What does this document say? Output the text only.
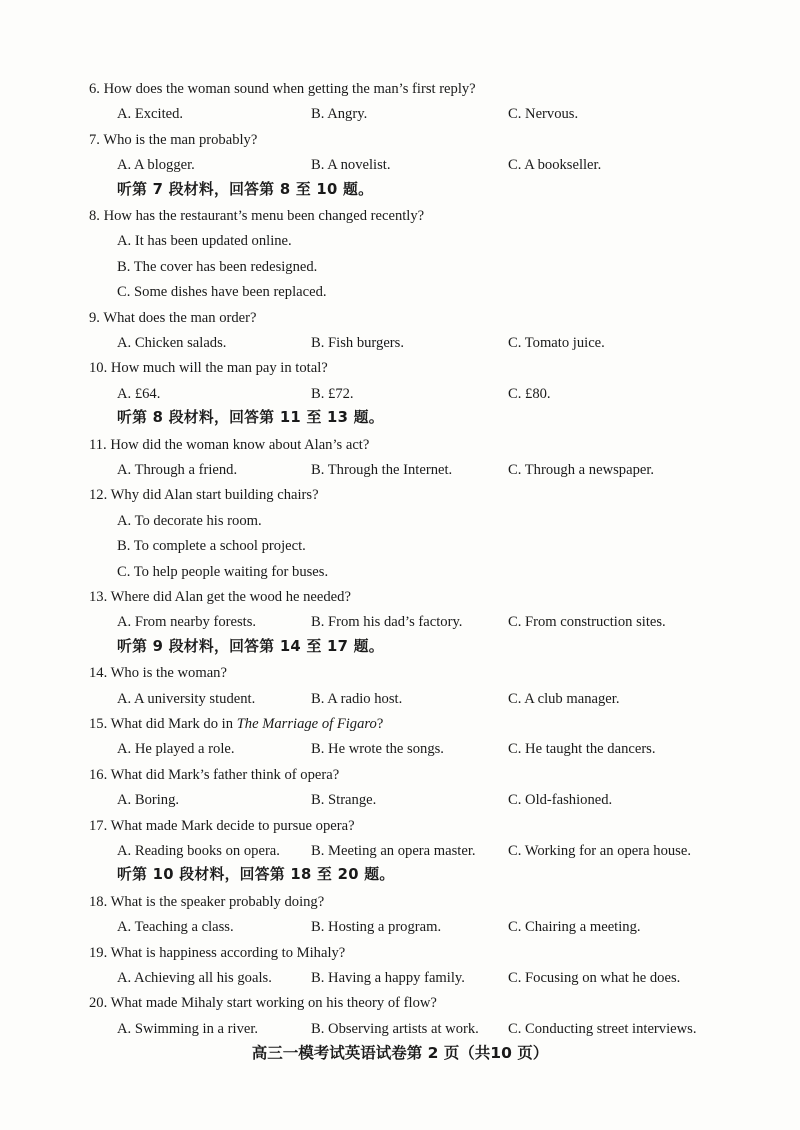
高三一模考试英语试卷第 2 页（共10 页）
6. How does the woman sound when getting the man’s first reply?
A. Excited.	B. Angry.	C. Nervous.
7. Who is the man probably?
A. A blogger.	B. A novelist.	C. A bookseller.
听第 7 段材料，回答第 8 至 10 题。
8. How has the restaurant’s menu been changed recently?
A. It has been updated online.
B. The cover has been redesigned.
C. Some dishes have been replaced.
9. What does the man order?
A. Chicken salads.	B. Fish burgers.	C. Tomato juice.
10. How much will the man pay in total?
A. £64.	B. £72.	C. £80.
听第 8 段材料，回答第 11 至 13 题。
11. How did the woman know about Alan’s act?
A. Through a friend.	B. Through the Internet.	C. Through a newspaper.
12. Why did Alan start building chairs?
A. To decorate his room.
B. To complete a school project.
C. To help people waiting for buses.
13. Where did Alan get the wood he needed?
A. From nearby forests.	B. From his dad’s factory.	C. From construction sites.
听第 9 段材料，回答第 14 至 17 题。
14. Who is the woman?
A. A university student.	B. A radio host.	C. A club manager.
15. What did Mark do in The Marriage of Figaro?
A. He played a role.	B. He wrote the songs.	C. He taught the dancers.
16. What did Mark’s father think of opera?
A. Boring.	B. Strange.	C. Old-fashioned.
17. What made Mark decide to pursue opera?
A. Reading books on opera. B. Meeting an opera master. C. Working for an opera house.
听第 10 段材料，回答第 18 至 20 题。
18. What is the speaker probably doing?
A. Teaching a class.	B. Hosting a program.	C. Chairing a meeting.
19. What is happiness according to Mihaly?
A. Achieving all his goals.	B. Having a happy family.	C. Focusing on what he does.
20. What made Mihaly start working on his theory of flow?
A. Swimming in a river.	B. Observing artists at work. C. Conducting street interviews.
